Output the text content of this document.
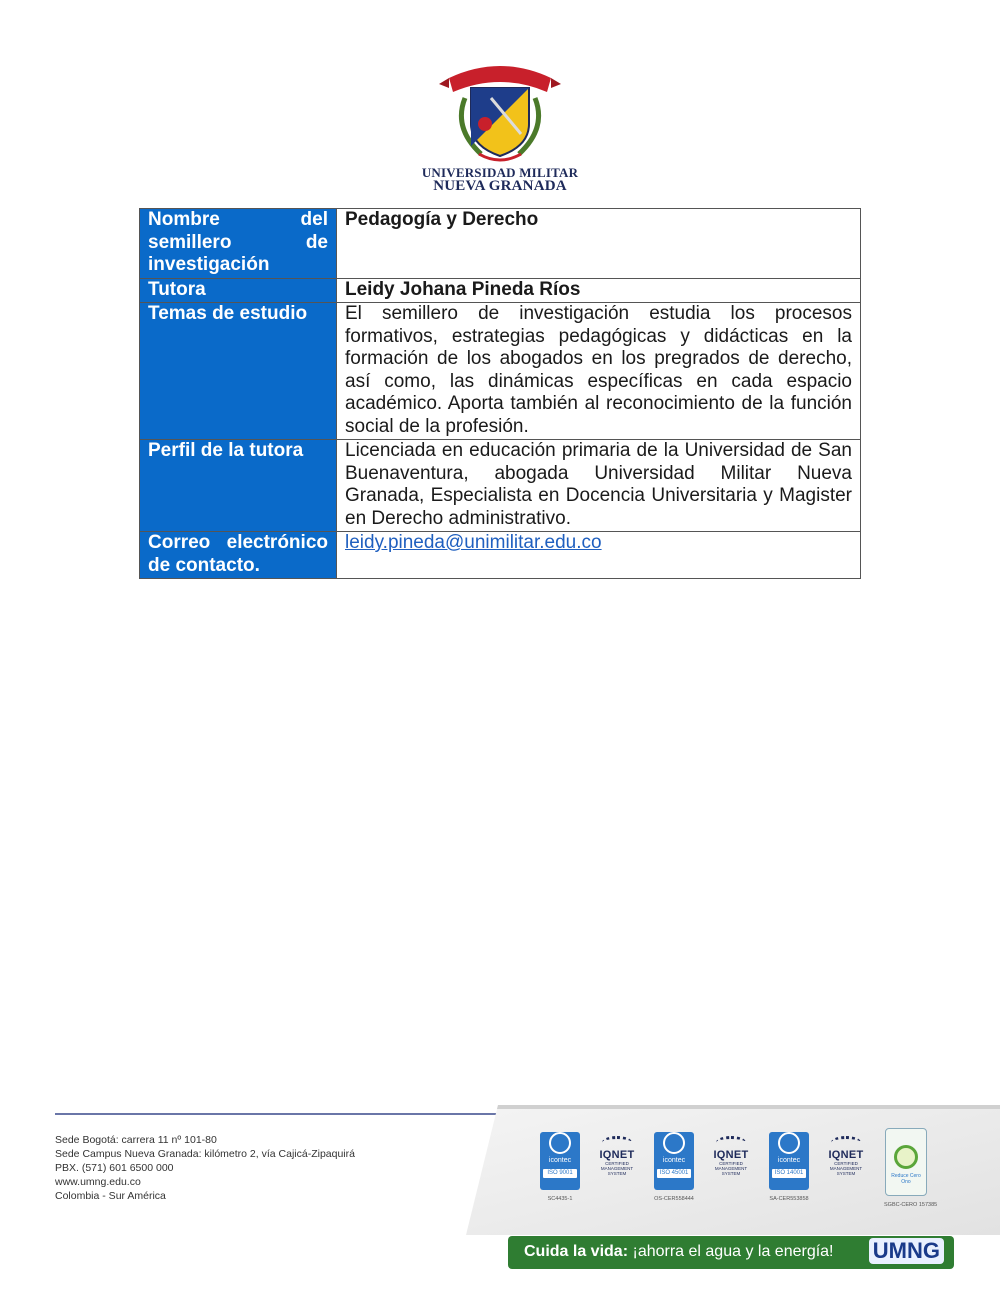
UNIVERSIDAD MILITAR
NUEVA GRANADA
Nombre del semillero de investigación	Pedagogía y Derecho
Tutora	Leidy Johana Pineda Ríos
Temas de estudio	El semillero de investigación estudia los procesos formativos, estrategias pedagógicas y didácticas en la formación de los abogados en los pregrados de derecho, así como, las dinámicas específicas en cada espacio académico. Aporta también al reconocimiento de la función social de la profesión.
Perfil de la tutora	Licenciada en educación primaria de la Universidad de San Buenaventura, abogada Universidad Militar Nueva Granada, Especialista en Docencia Universitaria y Magister en Derecho administrativo.
Correo electrónico de contacto.	leidy.pineda@unimilitar.edu.co
Sede Bogotá: carrera 11 nº 101-80
Sede Campus Nueva Granada: kilómetro 2, vía Cajicá-Zipaquirá
PBX. (571) 601 6500 000
www.umng.edu.co
Colombia - Sur América
icontec
ISO 9001
SC4435-1
IQNET
CERTIFIED MANAGEMENT SYSTEM
icontec
ISO 45001
OS-CER558444
IQNET
CERTIFIED MANAGEMENT SYSTEM
icontec
ISO 14001
SA-CER553858
IQNET
CERTIFIED MANAGEMENT SYSTEM	Reduce Cero Ono
SGBC-CERO 157385
Cuida la vida: ¡ahorra el agua y la energía! UMNG
